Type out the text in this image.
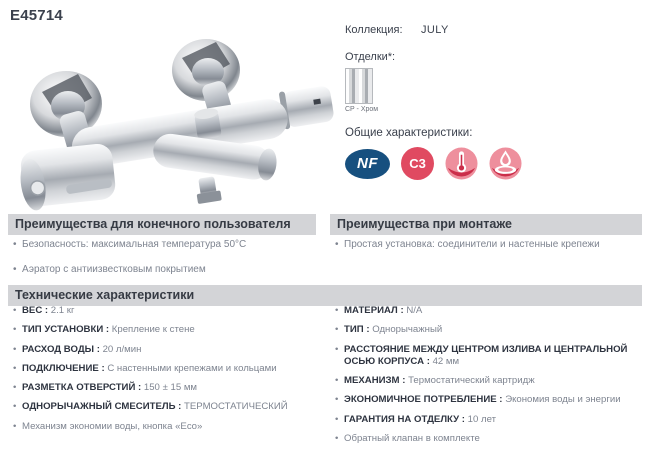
E45714
Коллекция: JULY
Отделки*:
CP - Хром
Общие характеристики:
NF C3
Преимущества для конечного пользователя	Преимущества при монтаже
Технические характеристики
• Безопасность: максимальная температура 50°C
• Аэратор с антиизвестковым покрытием
• Простая установка: соединители и настенные крепежи
• ВЕС : 2.1 кг
• ТИП УСТАНОВКИ : Крепление к стене
• РАСХОД ВОДЫ : 20 л/мин
• ПОДКЛЮЧЕНИЕ : С настенными крепежами и кольцами
• РАЗМЕТКА ОТВЕРСТИЙ : 150 ± 15 мм
• ОДНОРЫЧАЖНЫЙ СМЕСИТЕЛЬ : ТЕРМОСТАТИЧЕСКИЙ
• Механизм экономии воды, кнопка «Eco»
• МАТЕРИАЛ : N/A
• ТИП : Однорычажный
• РАССТОЯНИЕ МЕЖДУ ЦЕНТРОМ ИЗЛИВА И ЦЕНТРАЛЬНОЙ ОСЬЮ КОРПУСА : 42 мм
• МЕХАНИЗМ : Термостатический картридж
• ЭКОНОМИЧНОЕ ПОТРЕБЛЕНИЕ : Экономия воды и энергии
• ГАРАНТИЯ НА ОТДЕЛКУ : 10 лет
• Обратный клапан в комплекте
